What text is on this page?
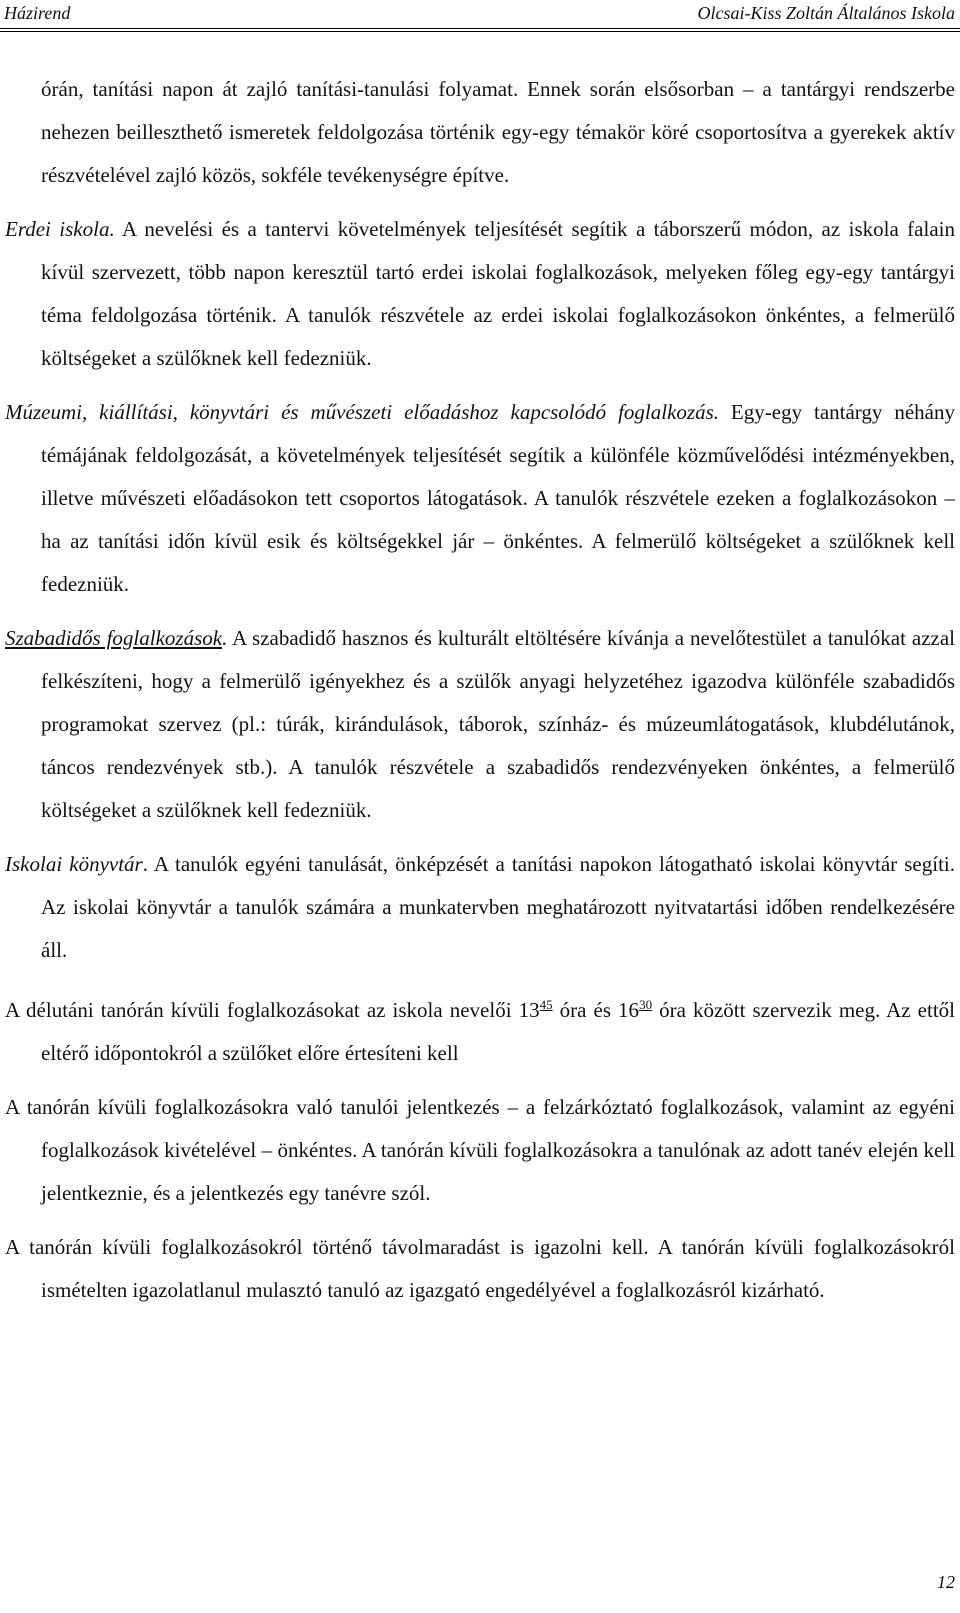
Házirend	Olcsai-Kiss Zoltán Általános Iskola

órán, tanítási napon át zajló tanítási-tanulási folyamat. Ennek során elsősorban – a tantárgyi rendszerbe nehezen beilleszthető ismeretek feldolgozása történik egy-egy témakör köré csoportosítva a gyerekek aktív részvételével zajló közös, sokféle tevékenységre építve.

Erdei iskola. A nevelési és a tantervi követelmények teljesítését segítik a táborszerű módon, az iskola falain kívül szervezett, több napon keresztül tartó erdei iskolai foglalkozások, melyeken főleg egy-egy tantárgyi téma feldolgozása történik. A tanulók részvétele az erdei iskolai foglalkozásokon önkéntes, a felmerülő költségeket a szülőknek kell fedezniük.

Múzeumi, kiállítási, könyvtári és művészeti előadáshoz kapcsolódó foglalkozás. Egy-egy tantárgy néhány témájának feldolgozását, a követelmények teljesítését segítik a különféle közművelődési intézményekben, illetve művészeti előadásokon tett csoportos látogatások. A tanulók részvétele ezeken a foglalkozásokon – ha az tanítási időn kívül esik és költségekkel jár – önkéntes. A felmerülő költségeket a szülőknek kell fedezniük.

Szabadidős foglalkozások. A szabadidő hasznos és kulturált eltöltésére kívánja a nevelőtestület a tanulókat azzal felkészíteni, hogy a felmerülő igényekhez és a szülők anyagi helyzetéhez igazodva különféle szabadidős programokat szervez (pl.: túrák, kirándulások, táborok, színház- és múzeumlátogatások, klubdélutánok, táncos rendezvények stb.). A tanulók részvétele a szabadidős rendezvényeken önkéntes, a felmerülő költségeket a szülőknek kell fedezniük.

Iskolai könyvtár. A tanulók egyéni tanulását, önképzését a tanítási napokon látogatható iskolai könyvtár segíti. Az iskolai könyvtár a tanulók számára a munkatervben meghatározott nyitvatartási időben rendelkezésére áll.

A délutáni tanórán kívüli foglalkozásokat az iskola nevelői $13^{45}$ óra és $16^{30}$ óra között szervezik meg. Az ettől eltérő időpontokról a szülőket előre értesíteni kell

A tanórán kívüli foglalkozásokra való tanulói jelentkezés – a felzárkóztató foglalkozások, valamint az egyéni foglalkozások kivételével – önkéntes. A tanórán kívüli foglalkozásokra a tanulónak az adott tanév elején kell jelentkeznie, és a jelentkezés egy tanévre szól.

A tanórán kívüli foglalkozásokról történő távolmaradást is igazolni kell. A tanórán kívüli foglalkozásokról ismételten igazolatlanul mulasztó tanuló az igazgató engedélyével a foglalkozásról kizárható.

12
